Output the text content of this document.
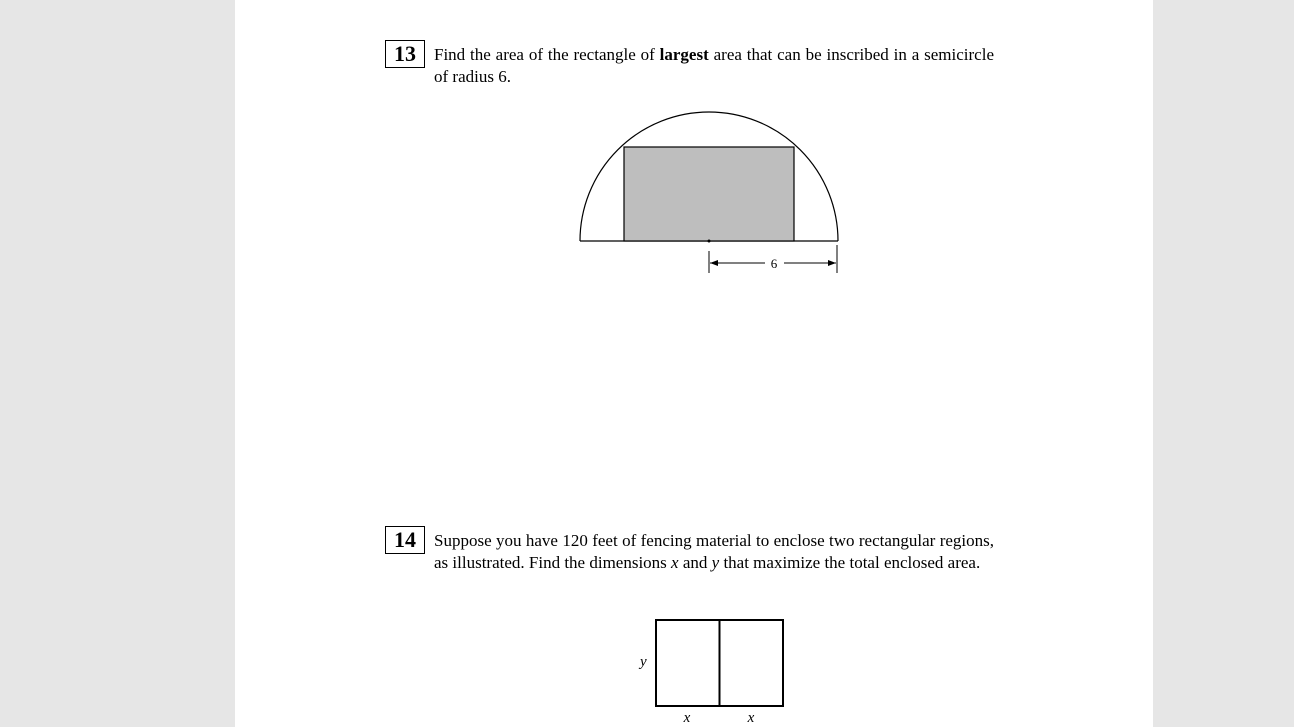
13	Find the area of the rectangle of largest area that can be inscribed in a semicircle of radius 6.
6
14	Suppose you have 120 feet of fencing material to enclose two rectangular regions, as illustrated. Find the dimensions x and y that maximize the total enclosed area.
y
x	x
